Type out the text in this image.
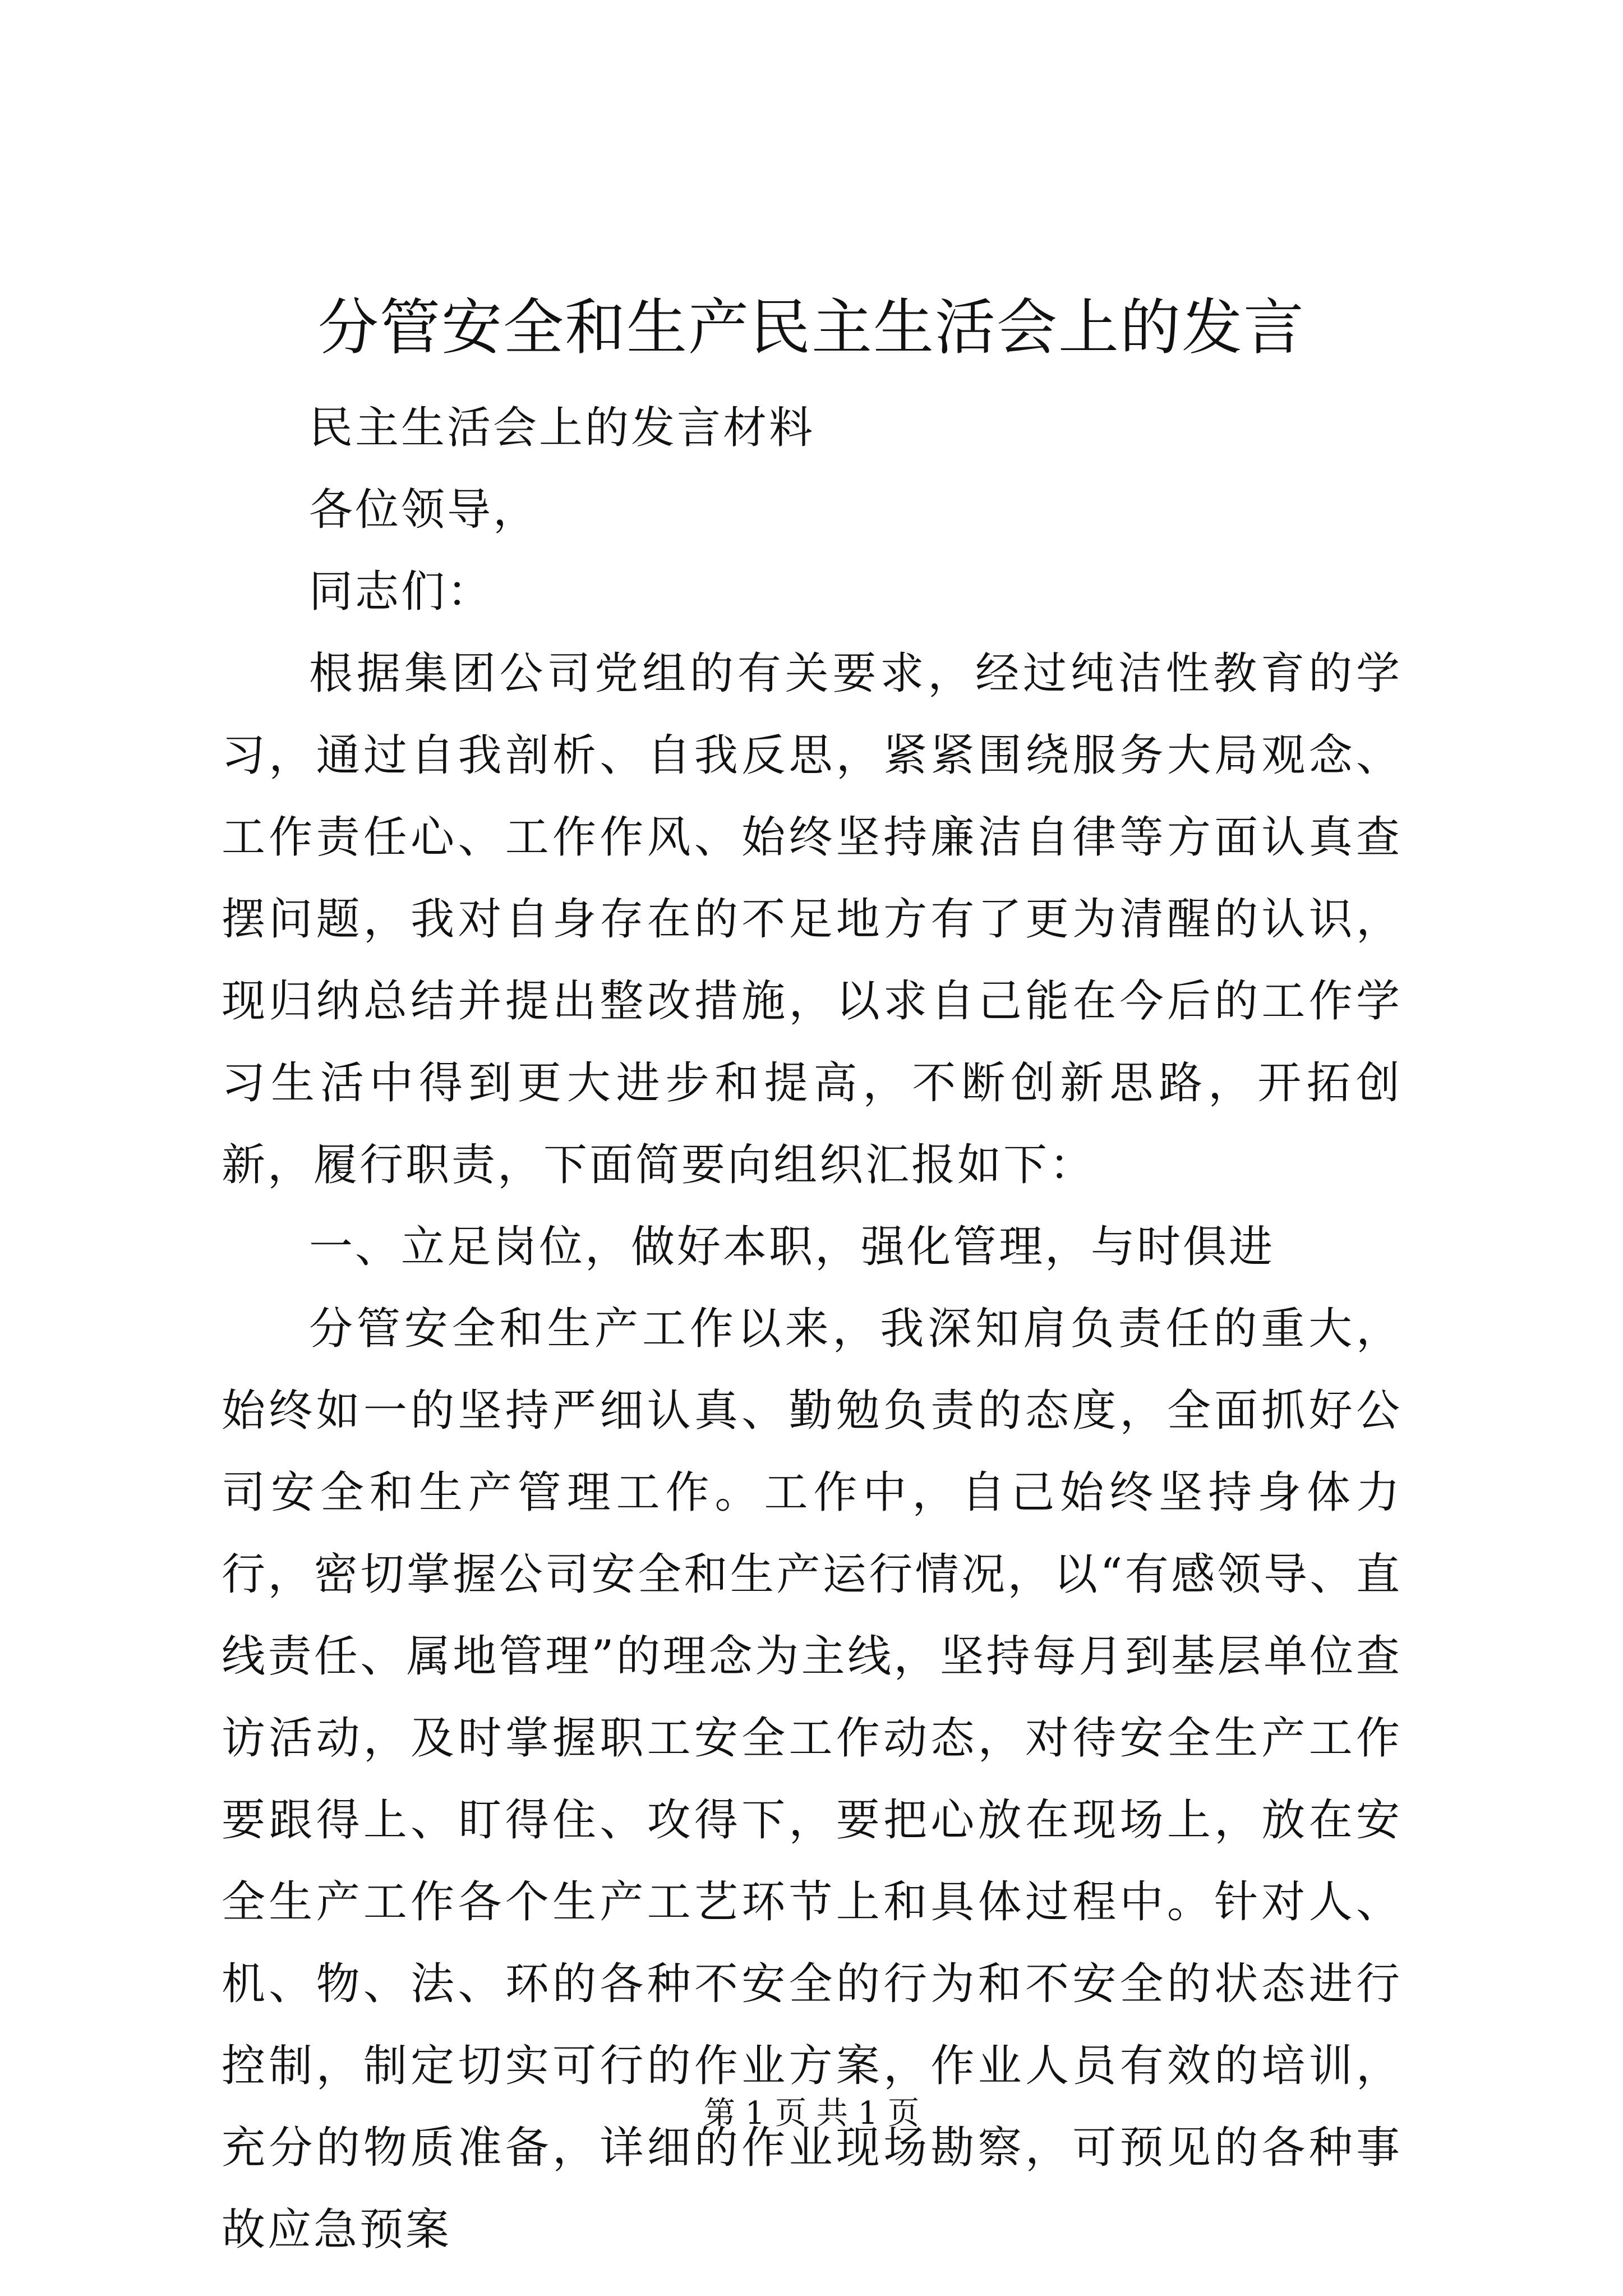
分管安全和生产民主生活会上的发言

民主生活会上的发言材料

各位领导，

同志们：

根据集团公司党组的有关要求，经过纯洁性教育的学习，通过自我剖析、自我反思，紧紧围绕服务大局观念、工作责任心、工作作风、始终坚持廉洁自律等方面认真查摆问题，我对自身存在的不足地方有了更为清醒的认识，现归纳总结并提出整改措施，以求自己能在今后的工作学习生活中得到更大进步和提高，不断创新思路，开拓创新，履行职责，下面简要向组织汇报如下：

一、立足岗位，做好本职，强化管理，与时俱进

分管安全和生产工作以来，我深知肩负责任的重大，始终如一的坚持严细认真、勤勉负责的态度，全面抓好公司安全和生产管理工作。工作中，自己始终坚持身体力行，密切掌握公司安全和生产运行情况，以“有感领导、直线责任、属地管理”的理念为主线，坚持每月到基层单位查访活动，及时掌握职工安全工作动态，对待安全生产工作要跟得上、盯得住、攻得下，要把心放在现场上，放在安全生产工作各个生产工艺环节上和具体过程中。针对人、机、物、法、环的各种不安全的行为和不安全的状态进行控制，制定切实可行的作业方案，作业人员有效的培训，充分的物质准备，详细的作业现场勘察，可预见的各种事故应急预案

第 1 页 共 1 页
